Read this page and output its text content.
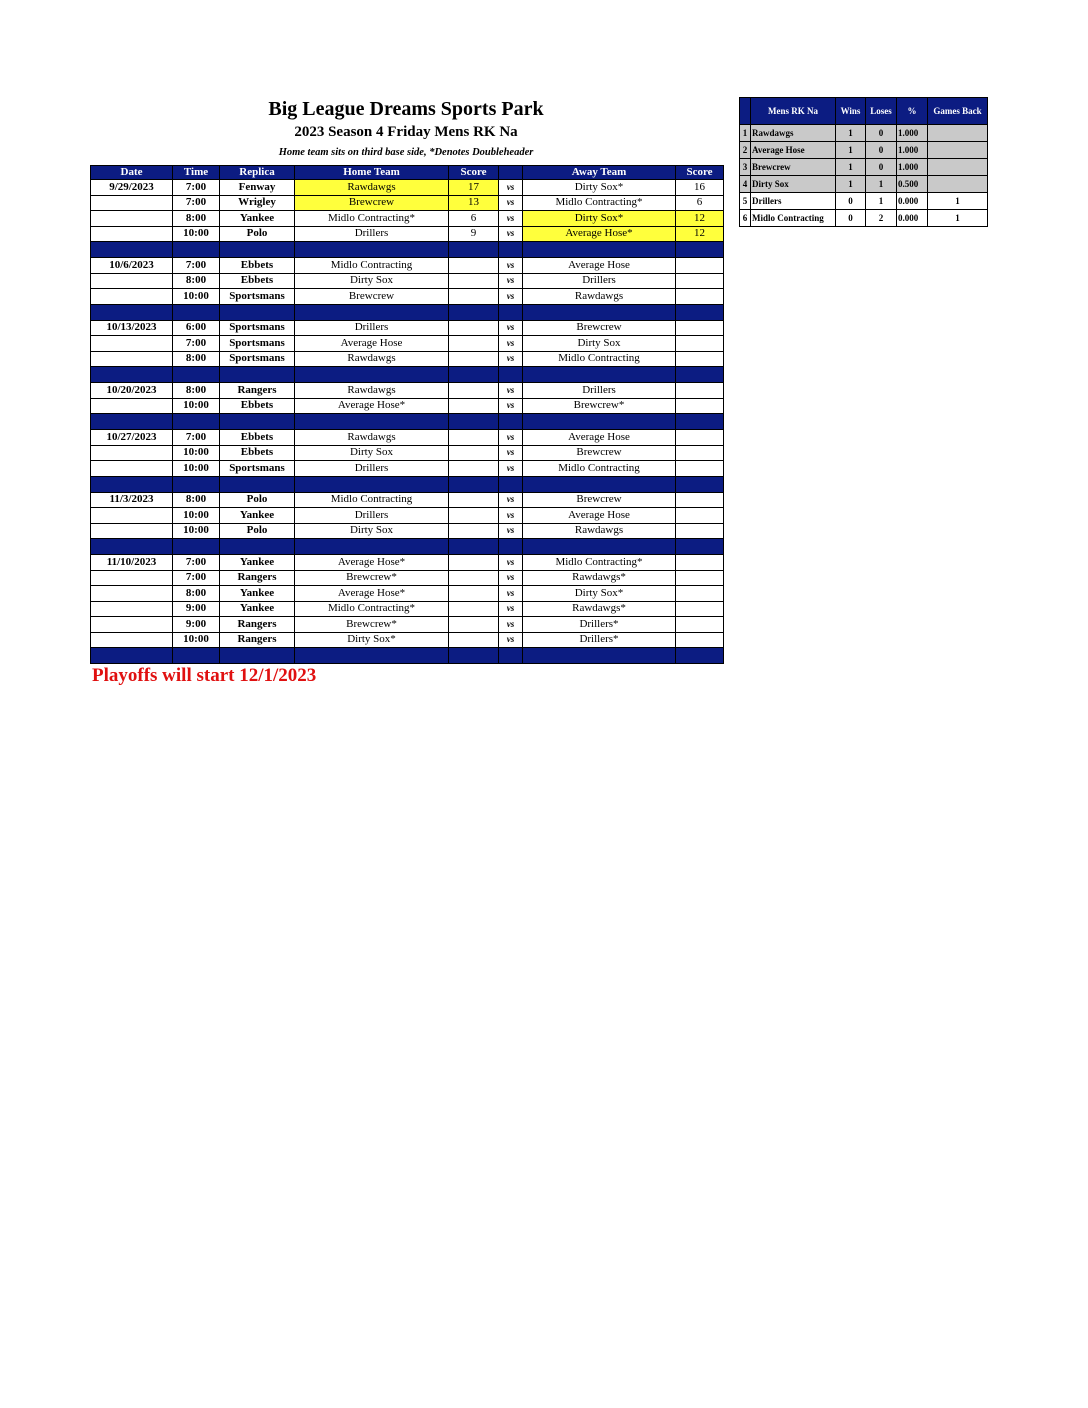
Big League Dreams Sports Park
2023 Season 4 Friday Mens RK Na
Home team sits on third base side, *Denotes Doubleheader
Date	Time	Replica	Home Team	Score		Away Team	Score
9/29/2023	7:00	Fenway	Rawdawgs	17	vs	Dirty Sox*	16
	7:00	Wrigley	Brewcrew	13	vs	Midlo Contracting*	6
	8:00	Yankee	Midlo Contracting*	6	vs	Dirty Sox*	12
	10:00	Polo	Drillers	9	vs	Average Hose*	12

10/6/2023	7:00	Ebbets	Midlo Contracting		vs	Average Hose	
	8:00	Ebbets	Dirty Sox		vs	Drillers	
	10:00	Sportsmans	Brewcrew		vs	Rawdawgs	

10/13/2023	6:00	Sportsmans	Drillers		vs	Brewcrew	
	7:00	Sportsmans	Average Hose		vs	Dirty Sox	
	8:00	Sportsmans	Rawdawgs		vs	Midlo Contracting	

10/20/2023	8:00	Rangers	Rawdawgs		vs	Drillers	
	10:00	Ebbets	Average Hose*		vs	Brewcrew*	

10/27/2023	7:00	Ebbets	Rawdawgs		vs	Average Hose	
	10:00	Ebbets	Dirty Sox		vs	Brewcrew	
	10:00	Sportsmans	Drillers		vs	Midlo Contracting	

11/3/2023	8:00	Polo	Midlo Contracting		vs	Brewcrew	
	10:00	Yankee	Drillers		vs	Average Hose	
	10:00	Polo	Dirty Sox		vs	Rawdawgs	

11/10/2023	7:00	Yankee	Average Hose*		vs	Midlo Contracting*	
	7:00	Rangers	Brewcrew*		vs	Rawdawgs*	
	8:00	Yankee	Average Hose*		vs	Dirty Sox*	
	9:00	Yankee	Midlo Contracting*		vs	Rawdawgs*	
	9:00	Rangers	Brewcrew*		vs	Drillers*	
	10:00	Rangers	Dirty Sox*		vs	Drillers*	

	Mens RK Na	Wins	Loses	%	Games Back
1	Rawdawgs	1	0	1.000	
2	Average Hose	1	0	1.000	
3	Brewcrew	1	0	1.000	
4	Dirty Sox	1	1	0.500	
5	Drillers	0	1	0.000	1
6	Midlo Contracting	0	2	0.000	1
Playoffs will start 12/1/2023
